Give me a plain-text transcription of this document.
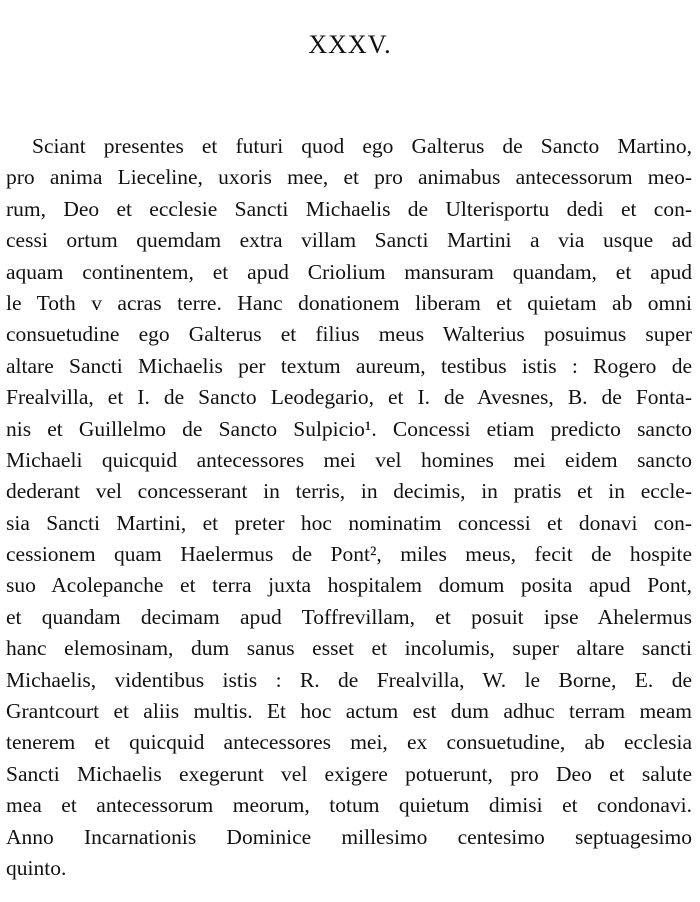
XXXV.
Sciant presentes et futuri quod ego Galterus de Sancto Martino,
pro anima Lieceline, uxoris mee, et pro animabus antecessorum meo-
rum, Deo et ecclesie Sancti Michaelis de Ulterisportu dedi et con-
cessi ortum quemdam extra villam Sancti Martini a via usque ad
aquam continentem, et apud Criolium mansuram quandam, et apud
le Toth v acras terre. Hanc donationem liberam et quietam ab omni
consuetudine ego Galterus et filius meus Walterius posuimus super
altare Sancti Michaelis per textum aureum, testibus istis : Rogero de
Frealvilla, et I. de Sancto Leodegario, et I. de Avesnes, B. de Fonta-
nis et Guillelmo de Sancto Sulpicio¹. Concessi etiam predicto sancto
Michaeli quicquid antecessores mei vel homines mei eidem sancto
dederant vel concesserant in terris, in decimis, in pratis et in eccle-
sia Sancti Martini, et preter hoc nominatim concessi et donavi con-
cessionem quam Haelermus de Pont², miles meus, fecit de hospite
suo Acolepanche et terra juxta hospitalem domum posita apud Pont,
et quandam decimam apud Toffrevillam, et posuit ipse Ahelermus
hanc elemosinam, dum sanus esset et incolumis, super altare sancti
Michaelis, videntibus istis : R. de Frealvilla, W. le Borne, E. de
Grantcourt et aliis multis. Et hoc actum est dum adhuc terram meam
tenerem et quicquid antecessores mei, ex consuetudine, ab ecclesia
Sancti Michaelis exegerunt vel exigere potuerunt, pro Deo et salute
mea et antecessorum meorum, totum quietum dimisi et condonavi.
Anno Incarnationis Dominice millesimo centesimo septuagesimo
quinto.
